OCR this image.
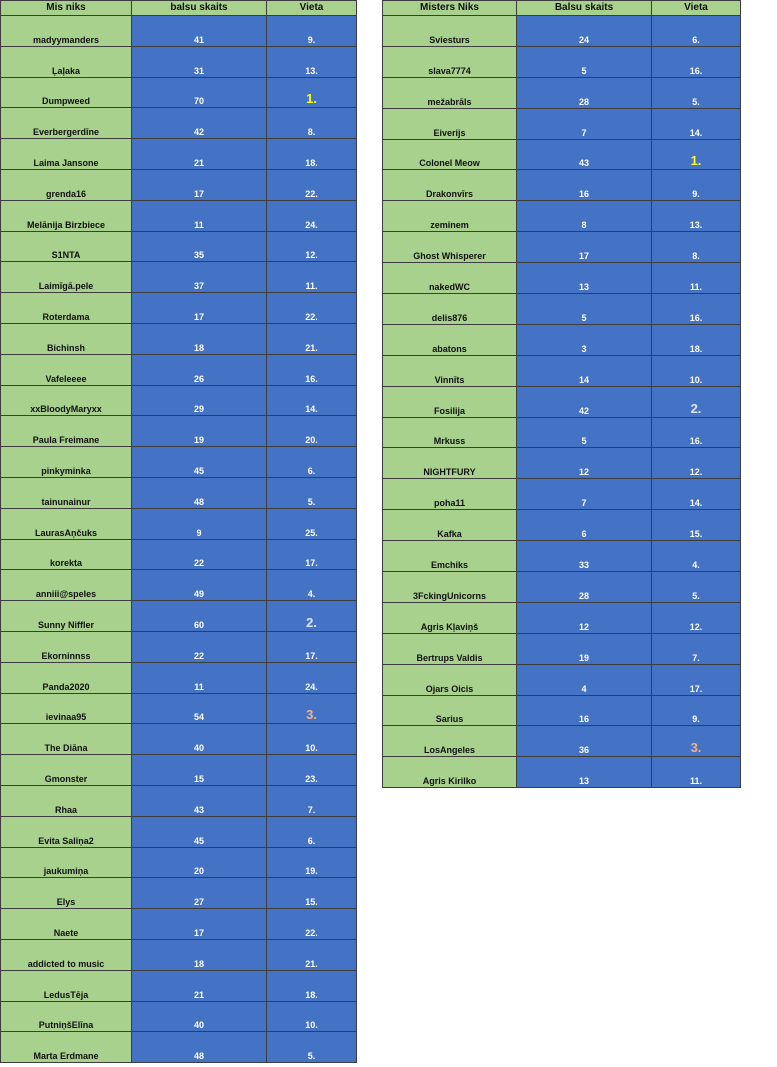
Mis niks	balsu skaits	Vieta
madyymanders	41	9.
Ļaļaka	31	13.
Dumpweed	70	1.
Everbergerdīne	42	8.
Laima Jansone	21	18.
grenda16	17	22.
Melānija Birzbiece	11	24.
S1NTA	35	12.
Laimīgā.pele	37	11.
Roterdama	17	22.
Bichinsh	18	21.
Vafeleeee	26	16.
xxBloodyMaryxx	29	14.
Paula Freimane	19	20.
pinkyminka	45	6.
tainunainur	48	5.
LaurasAņčuks	9	25.
korekta	22	17.
anniii@speles	49	4.
Sunny Niffler	60	2.
Ekorninnss	22	17.
Panda2020	11	24.
ievinaa95	54	3.
The Diāna	40	10.
Gmonster	15	23.
Rhaa	43	7.
Evita Saliņa2	45	6.
jaukumiņa	20	19.
Elys	27	15.
Naete	17	22.
addicted to music	18	21.
LedusTēja	21	18.
PutniņšElīna	40	10.
Marta Erdmane	48	5.
Misters Niks	Balsu skaits	Vieta
Sviesturs	24	6.
slava7774	5	16.
mežabrāls	28	5.
Eiverijs	7	14.
Colonel Meow	43	1.
Drakonvīrs	16	9.
zeminem	8	13.
Ghost Whisperer	17	8.
nakedWC	13	11.
delis876	5	16.
abatons	3	18.
Vinnīts	14	10.
Fosilija	42	2.
Mrkuss	5	16.
NIGHTFURY	12	12.
poha11	7	14.
Kafka	6	15.
Emchiks	33	4.
3FckingUnicorns	28	5.
Agris Kļaviņš	12	12.
Bertrups Valdis	19	7.
Ojars Oicis	4	17.
Sarius	16	9.
LosAngeles	36	3.
Agris Kirilko	13	11.
